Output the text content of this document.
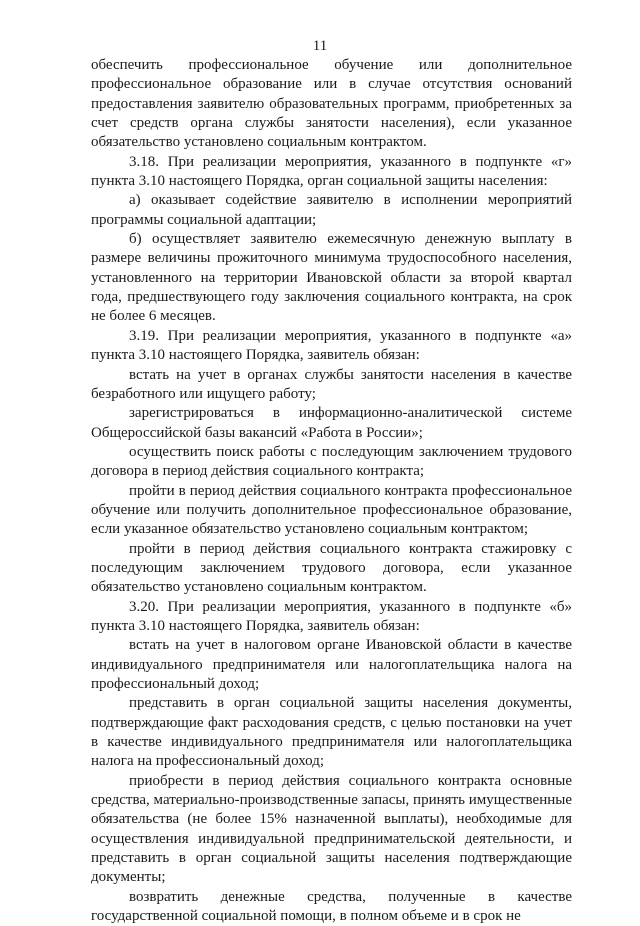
11

обеспечить профессиональное обучение или дополнительное профессиональное образование или в случае отсутствия оснований предоставления заявителю образовательных программ, приобретенных за счет средств органа службы занятости населения), если указанное обязательство установлено социальным контрактом.

3.18. При реализации мероприятия, указанного в подпункте «г» пункта 3.10 настоящего Порядка, орган социальной защиты населения:

а) оказывает содействие заявителю в исполнении мероприятий программы социальной адаптации;

б) осуществляет заявителю ежемесячную денежную выплату в размере величины прожиточного минимума трудоспособного населения, установленного на территории Ивановской области за второй квартал года, предшествующего году заключения социального контракта, на срок не более 6 месяцев.

3.19. При реализации мероприятия, указанного в подпункте «а» пункта 3.10 настоящего Порядка, заявитель обязан:

встать на учет в органах службы занятости населения в качестве безработного или ищущего работу;

зарегистрироваться в информационно-аналитической системе Общероссийской базы вакансий «Работа в России»;

осуществить поиск работы с последующим заключением трудового договора в период действия социального контракта;

пройти в период действия социального контракта профессиональное обучение или получить дополнительное профессиональное образование, если указанное обязательство установлено социальным контрактом;

пройти в период действия социального контракта стажировку с последующим заключением трудового договора, если указанное обязательство установлено социальным контрактом.

3.20. При реализации мероприятия, указанного в подпункте «б» пункта 3.10 настоящего Порядка, заявитель обязан:

встать на учет в налоговом органе Ивановской области в качестве индивидуального предпринимателя или налогоплательщика налога на профессиональный доход;

представить в орган социальной защиты населения документы, подтверждающие факт расходования средств, с целью постановки на учет в качестве индивидуального предпринимателя или налогоплательщика налога на профессиональный доход;

приобрести в период действия социального контракта основные средства, материально-производственные запасы, принять имущественные обязательства (не более 15% назначенной выплаты), необходимые для осуществления индивидуальной предпринимательской деятельности, и представить в орган социальной защиты населения подтверждающие документы;

возвратить денежные средства, полученные в качестве государственной социальной помощи, в полном объеме и в срок не
